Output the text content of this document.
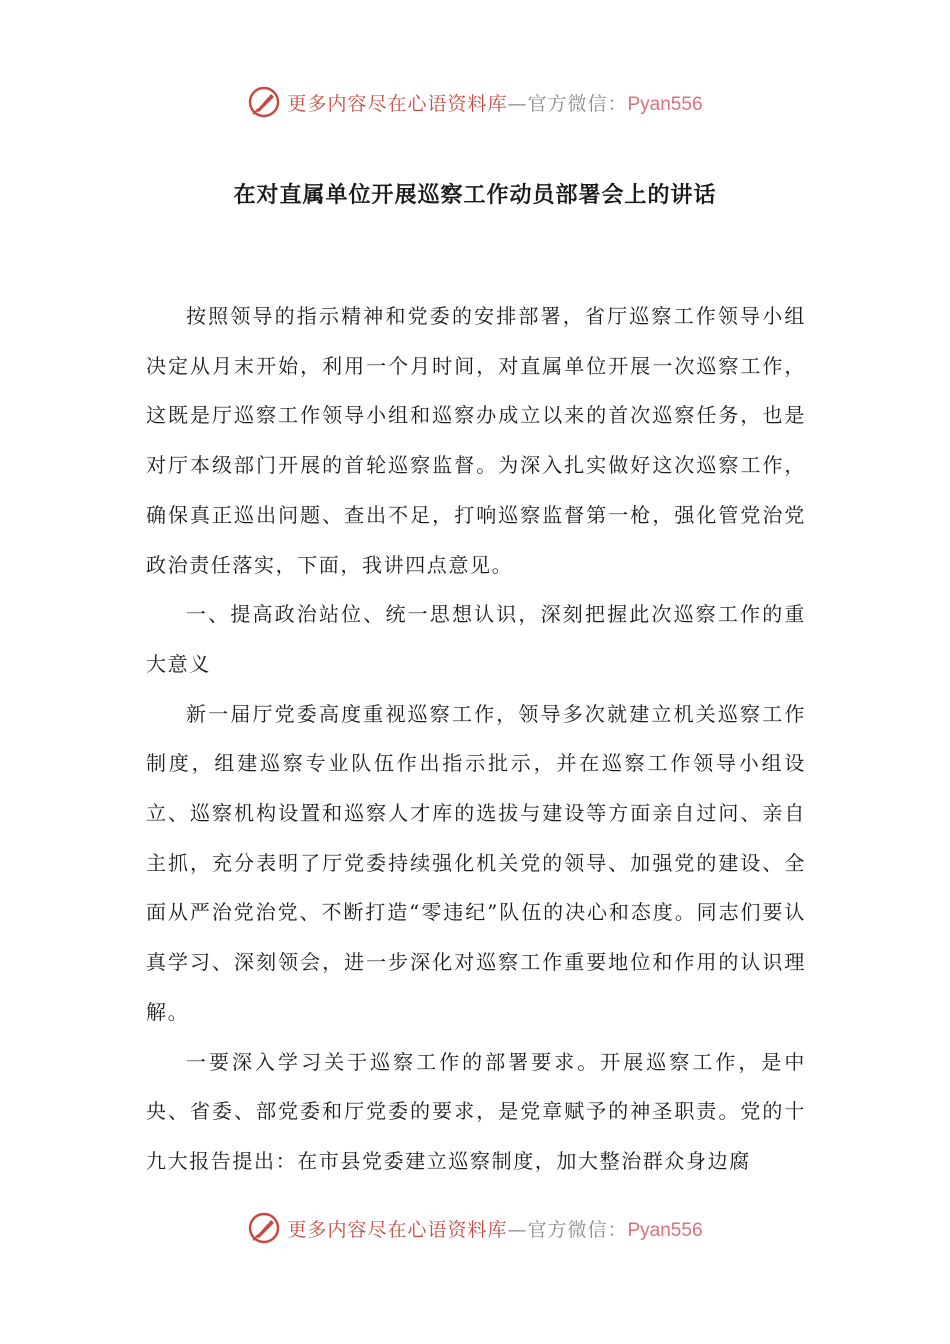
更多内容尽在心语资料库—官方微信：Pyan556
在对直属单位开展巡察工作动员部署会上的讲话

按照领导的指示精神和党委的安排部署，省厅巡察工作领导小组决定从月末开始，利用一个月时间，对直属单位开展一次巡察工作，这既是厅巡察工作领导小组和巡察办成立以来的首次巡察任务，也是对厅本级部门开展的首轮巡察监督。为深入扎实做好这次巡察工作，确保真正巡出问题、查出不足，打响巡察监督第一枪，强化管党治党政治责任落实，下面，我讲四点意见。

一、提高政治站位、统一思想认识，深刻把握此次巡察工作的重大意义

新一届厅党委高度重视巡察工作，领导多次就建立机关巡察工作制度，组建巡察专业队伍作出指示批示，并在巡察工作领导小组设立、巡察机构设置和巡察人才库的选拔与建设等方面亲自过问、亲自主抓，充分表明了厅党委持续强化机关党的领导、加强党的建设、全面从严治党治党、不断打造“零违纪”队伍的决心和态度。同志们要认真学习、深刻领会，进一步深化对巡察工作重要地位和作用的认识理解。

一要深入学习关于巡察工作的部署要求。开展巡察工作，是中央、省委、部党委和厅党委的要求，是党章赋予的神圣职责。党的十九大报告提出：在市县党委建立巡察制度，加大整治群众身边腐

更多内容尽在心语资料库—官方微信：Pyan556
